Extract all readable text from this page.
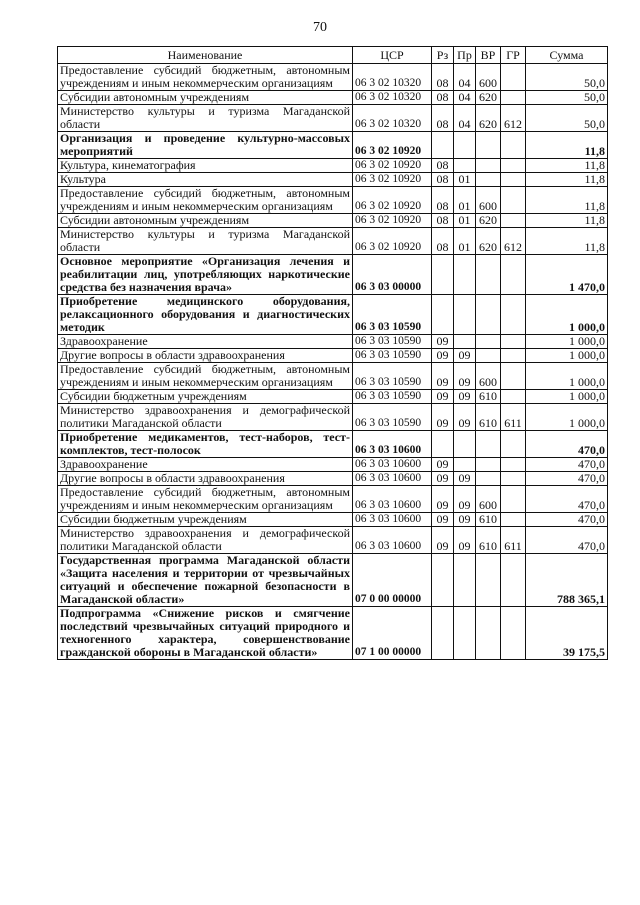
70
Наименование	ЦСР	Рз	Пр	ВР	ГР	Сумма
Предоставление субсидий бюджетным, автономным учреждениям и иным некоммерческим организациям	06 3 02 10320	08	04	600		50,0
Субсидии автономным учреждениям	06 3 02 10320	08	04	620		50,0
Министерство культуры и туризма Магаданской области	06 3 02 10320	08	04	620	612	50,0
Организация и проведение культурно-массовых мероприятий	06 3 02 10920					11,8
Культура, кинематография	06 3 02 10920	08				11,8
Культура	06 3 02 10920	08	01			11,8
Предоставление субсидий бюджетным, автономным учреждениям и иным некоммерческим организациям	06 3 02 10920	08	01	600		11,8
Субсидии автономным учреждениям	06 3 02 10920	08	01	620		11,8
Министерство культуры и туризма Магаданской области	06 3 02 10920	08	01	620	612	11,8
Основное мероприятие «Организация лечения и реабилитации лиц, употребляющих наркотические средства без назначения врача»	06 3 03 00000					1 470,0
Приобретение медицинского оборудования, релаксационного оборудования и диагностических методик	06 3 03 10590					1 000,0
Здравоохранение	06 3 03 10590	09				1 000,0
Другие вопросы в области здравоохранения	06 3 03 10590	09	09			1 000,0
Предоставление субсидий бюджетным, автономным учреждениям и иным некоммерческим организациям	06 3 03 10590	09	09	600		1 000,0
Субсидии бюджетным учреждениям	06 3 03 10590	09	09	610		1 000,0
Министерство здравоохранения и демографической политики Магаданской области	06 3 03 10590	09	09	610	611	1 000,0
Приобретение медикаментов, тест-наборов, тест-комплектов, тест-полосок	06 3 03 10600					470,0
Здравоохранение	06 3 03 10600	09				470,0
Другие вопросы в области здравоохранения	06 3 03 10600	09	09			470,0
Предоставление субсидий бюджетным, автономным учреждениям и иным некоммерческим организациям	06 3 03 10600	09	09	600		470,0
Субсидии бюджетным учреждениям	06 3 03 10600	09	09	610		470,0
Министерство здравоохранения и демографической политики Магаданской области	06 3 03 10600	09	09	610	611	470,0
Государственная программа Магаданской области «Защита населения и территории от чрезвычайных ситуаций и обеспечение пожарной безопасности в Магаданской области»	07 0 00 00000					788 365,1
Подпрограмма «Снижение рисков и смягчение последствий чрезвычайных ситуаций природного и техногенного характера, совершенствование гражданской обороны в Магаданской области»	07 1 00 00000					39 175,5
